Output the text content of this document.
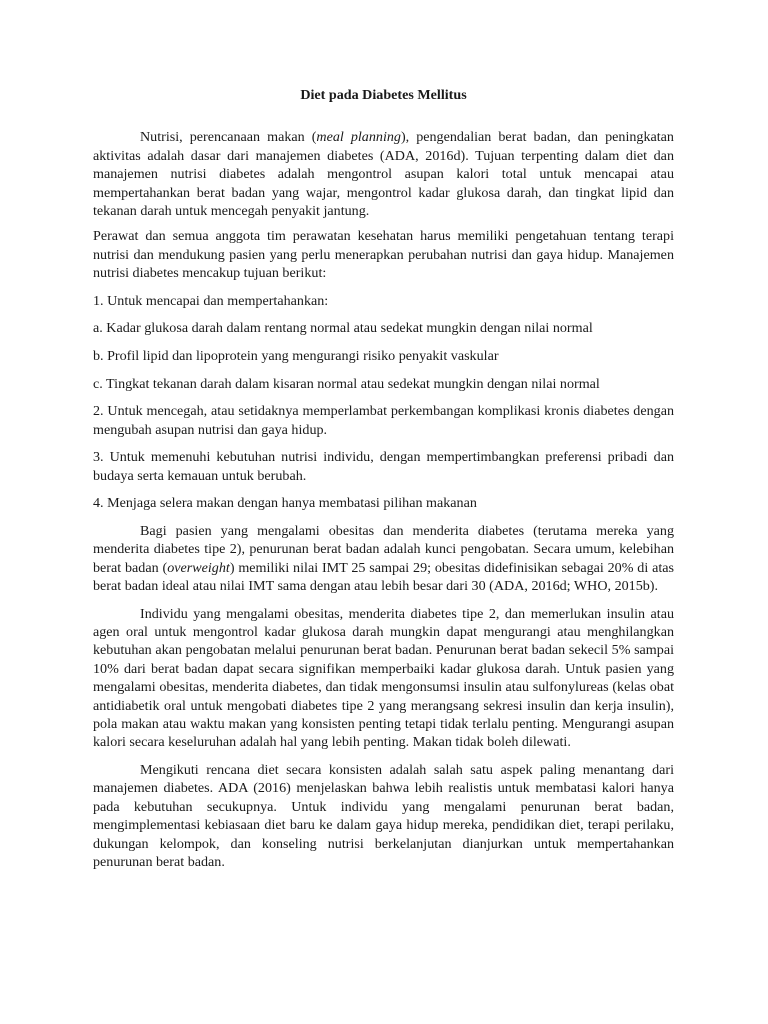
Diet pada Diabetes Mellitus

Nutrisi, perencanaan makan (meal planning), pengendalian berat badan, dan peningkatan aktivitas adalah dasar dari manajemen diabetes (ADA, 2016d). Tujuan terpenting dalam diet dan manajemen nutrisi diabetes adalah mengontrol asupan kalori total untuk mencapai atau mempertahankan berat badan yang wajar, mengontrol kadar glukosa darah, dan tingkat lipid dan tekanan darah untuk mencegah penyakit jantung.

Perawat dan semua anggota tim perawatan kesehatan harus memiliki pengetahuan tentang terapi nutrisi dan mendukung pasien yang perlu menerapkan perubahan nutrisi dan gaya hidup. Manajemen nutrisi diabetes mencakup tujuan berikut:

1. Untuk mencapai dan mempertahankan:

a. Kadar glukosa darah dalam rentang normal atau sedekat mungkin dengan nilai normal

b. Profil lipid dan lipoprotein yang mengurangi risiko penyakit vaskular

c. Tingkat tekanan darah dalam kisaran normal atau sedekat mungkin dengan nilai normal

2. Untuk mencegah, atau setidaknya memperlambat perkembangan komplikasi kronis diabetes dengan mengubah asupan nutrisi dan gaya hidup.

3. Untuk memenuhi kebutuhan nutrisi individu, dengan mempertimbangkan preferensi pribadi dan budaya serta kemauan untuk berubah.

4. Menjaga selera makan dengan hanya membatasi pilihan makanan

Bagi pasien yang mengalami obesitas dan menderita diabetes (terutama mereka yang menderita diabetes tipe 2), penurunan berat badan adalah kunci pengobatan. Secara umum, kelebihan berat badan (overweight) memiliki nilai IMT 25 sampai 29; obesitas didefinisikan sebagai 20% di atas berat badan ideal atau nilai IMT sama dengan atau lebih besar dari 30 (ADA, 2016d; WHO, 2015b).

Individu yang mengalami obesitas, menderita diabetes tipe 2, dan memerlukan insulin atau agen oral untuk mengontrol kadar glukosa darah mungkin dapat mengurangi atau menghilangkan kebutuhan akan pengobatan melalui penurunan berat badan. Penurunan berat badan sekecil 5% sampai 10% dari berat badan dapat secara signifikan memperbaiki kadar glukosa darah. Untuk pasien yang mengalami obesitas, menderita diabetes, dan tidak mengonsumsi insulin atau sulfonylureas (kelas obat antidiabetik oral untuk mengobati diabetes tipe 2 yang merangsang sekresi insulin dan kerja insulin), pola makan atau waktu makan yang konsisten penting tetapi tidak terlalu penting. Mengurangi asupan kalori secara keseluruhan adalah hal yang lebih penting. Makan tidak boleh dilewati.

Mengikuti rencana diet secara konsisten adalah salah satu aspek paling menantang dari manajemen diabetes. ADA (2016) menjelaskan bahwa lebih realistis untuk membatasi kalori hanya pada kebutuhan secukupnya. Untuk individu yang mengalami penurunan berat badan, mengimplementasi kebiasaan diet baru ke dalam gaya hidup mereka, pendidikan diet, terapi perilaku, dukungan kelompok, dan konseling nutrisi berkelanjutan dianjurkan untuk mempertahankan penurunan berat badan.
